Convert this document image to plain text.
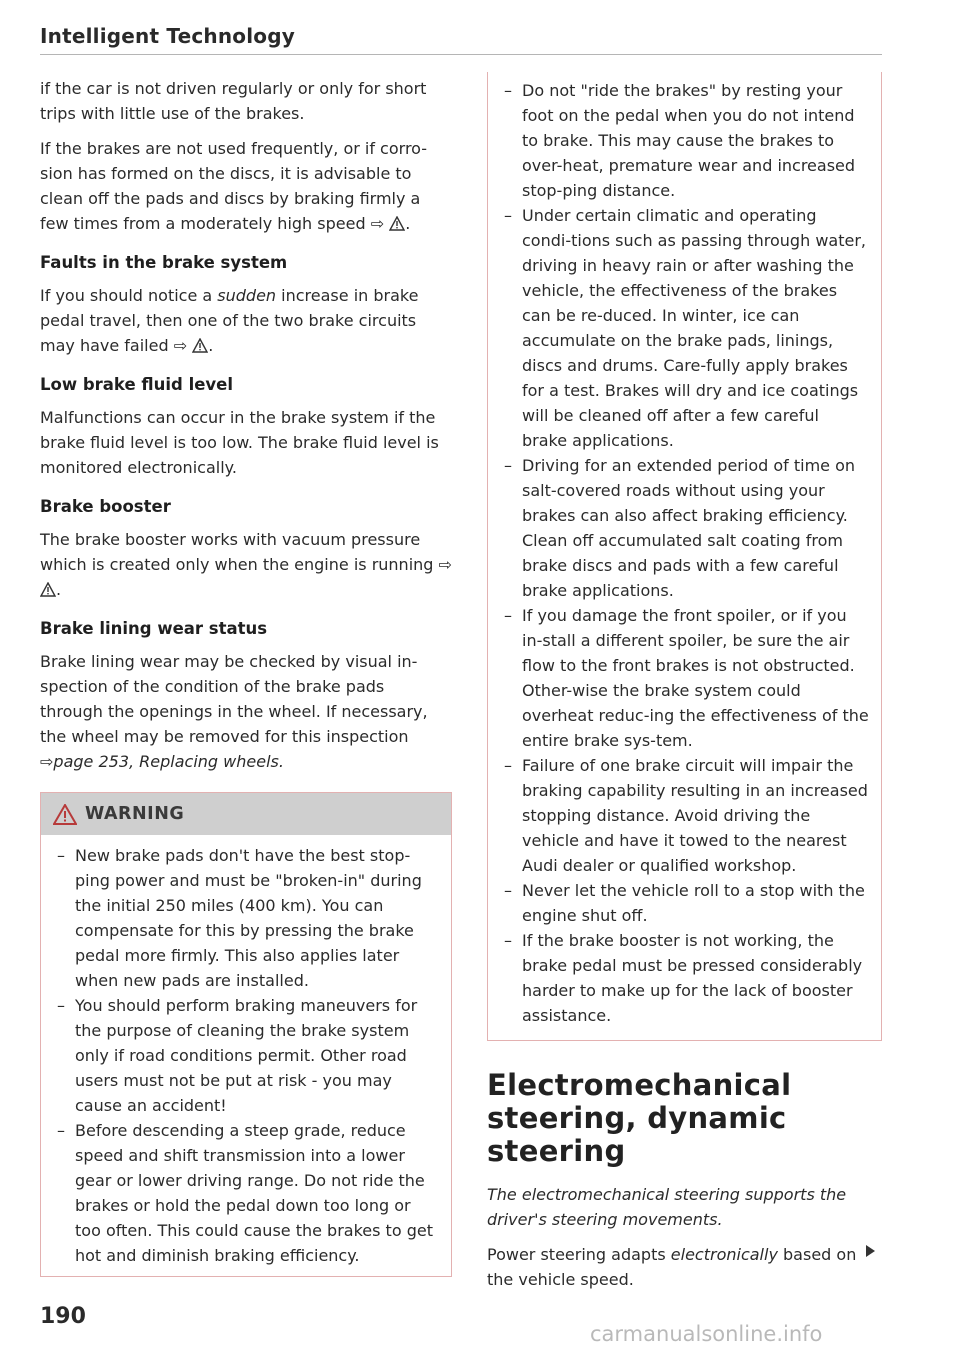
Intelligent Technology

if the car is not driven regularly or only for short trips with little use of the brakes.

If the brakes are not used frequently, or if corro-sion has formed on the discs, it is advisable to clean off the pads and discs by braking firmly a few times from a moderately high speed ⇨ .

Faults in the brake system

If you should notice a sudden increase in brake pedal travel, then one of the two brake circuits may have failed ⇨ .

Low brake fluid level

Malfunctions can occur in the brake system if the brake fluid level is too low. The brake fluid level is monitored electronically.

Brake booster

The brake booster works with vacuum pressure which is created only when the engine is running ⇨
.

Brake lining wear status

Brake lining wear may be checked by visual in-spection of the condition of the brake pads through the openings in the wheel. If necessary, the wheel may be removed for this inspection ⇨page 253, Replacing wheels.

WARNING
– New brake pads don't have the best stop-ping power and must be "broken-in" during the initial 250 miles (400 km). You can compensate for this by pressing the brake pedal more firmly. This also applies later when new pads are installed.
– You should perform braking maneuvers for the purpose of cleaning the brake system only if road conditions permit. Other road users must not be put at risk - you may cause an accident!
– Before descending a steep grade, reduce speed and shift transmission into a lower gear or lower driving range. Do not ride the brakes or hold the pedal down too long or too often. This could cause the brakes to get hot and diminish braking efficiency.
– Do not "ride the brakes" by resting your foot on the pedal when you do not intend to brake. This may cause the brakes to over-heat, premature wear and increased stop-ping distance.
– Under certain climatic and operating condi-tions such as passing through water, driving in heavy rain or after washing the vehicle, the effectiveness of the brakes can be re-duced. In winter, ice can accumulate on the brake pads, linings, discs and drums. Care-fully apply brakes for a test. Brakes will dry and ice coatings will be cleaned off after a few careful brake applications.
– Driving for an extended period of time on salt-covered roads without using your brakes can also affect braking efficiency. Clean off accumulated salt coating from brake discs and pads with a few careful brake applications.
– If you damage the front spoiler, or if you in-stall a different spoiler, be sure the air flow to the front brakes is not obstructed. Other-wise the brake system could overheat reduc-ing the effectiveness of the entire brake sys-tem.
– Failure of one brake circuit will impair the braking capability resulting in an increased stopping distance. Avoid driving the vehicle and have it towed to the nearest Audi dealer or qualified workshop.
– Never let the vehicle roll to a stop with the engine shut off.
– If the brake booster is not working, the brake pedal must be pressed considerably harder to make up for the lack of booster assistance.
Electromechanical steering, dynamic steering

The electromechanical steering supports the driver's steering movements.

Power steering adapts electronically based on the vehicle speed.

190
carmanualsonline.info
